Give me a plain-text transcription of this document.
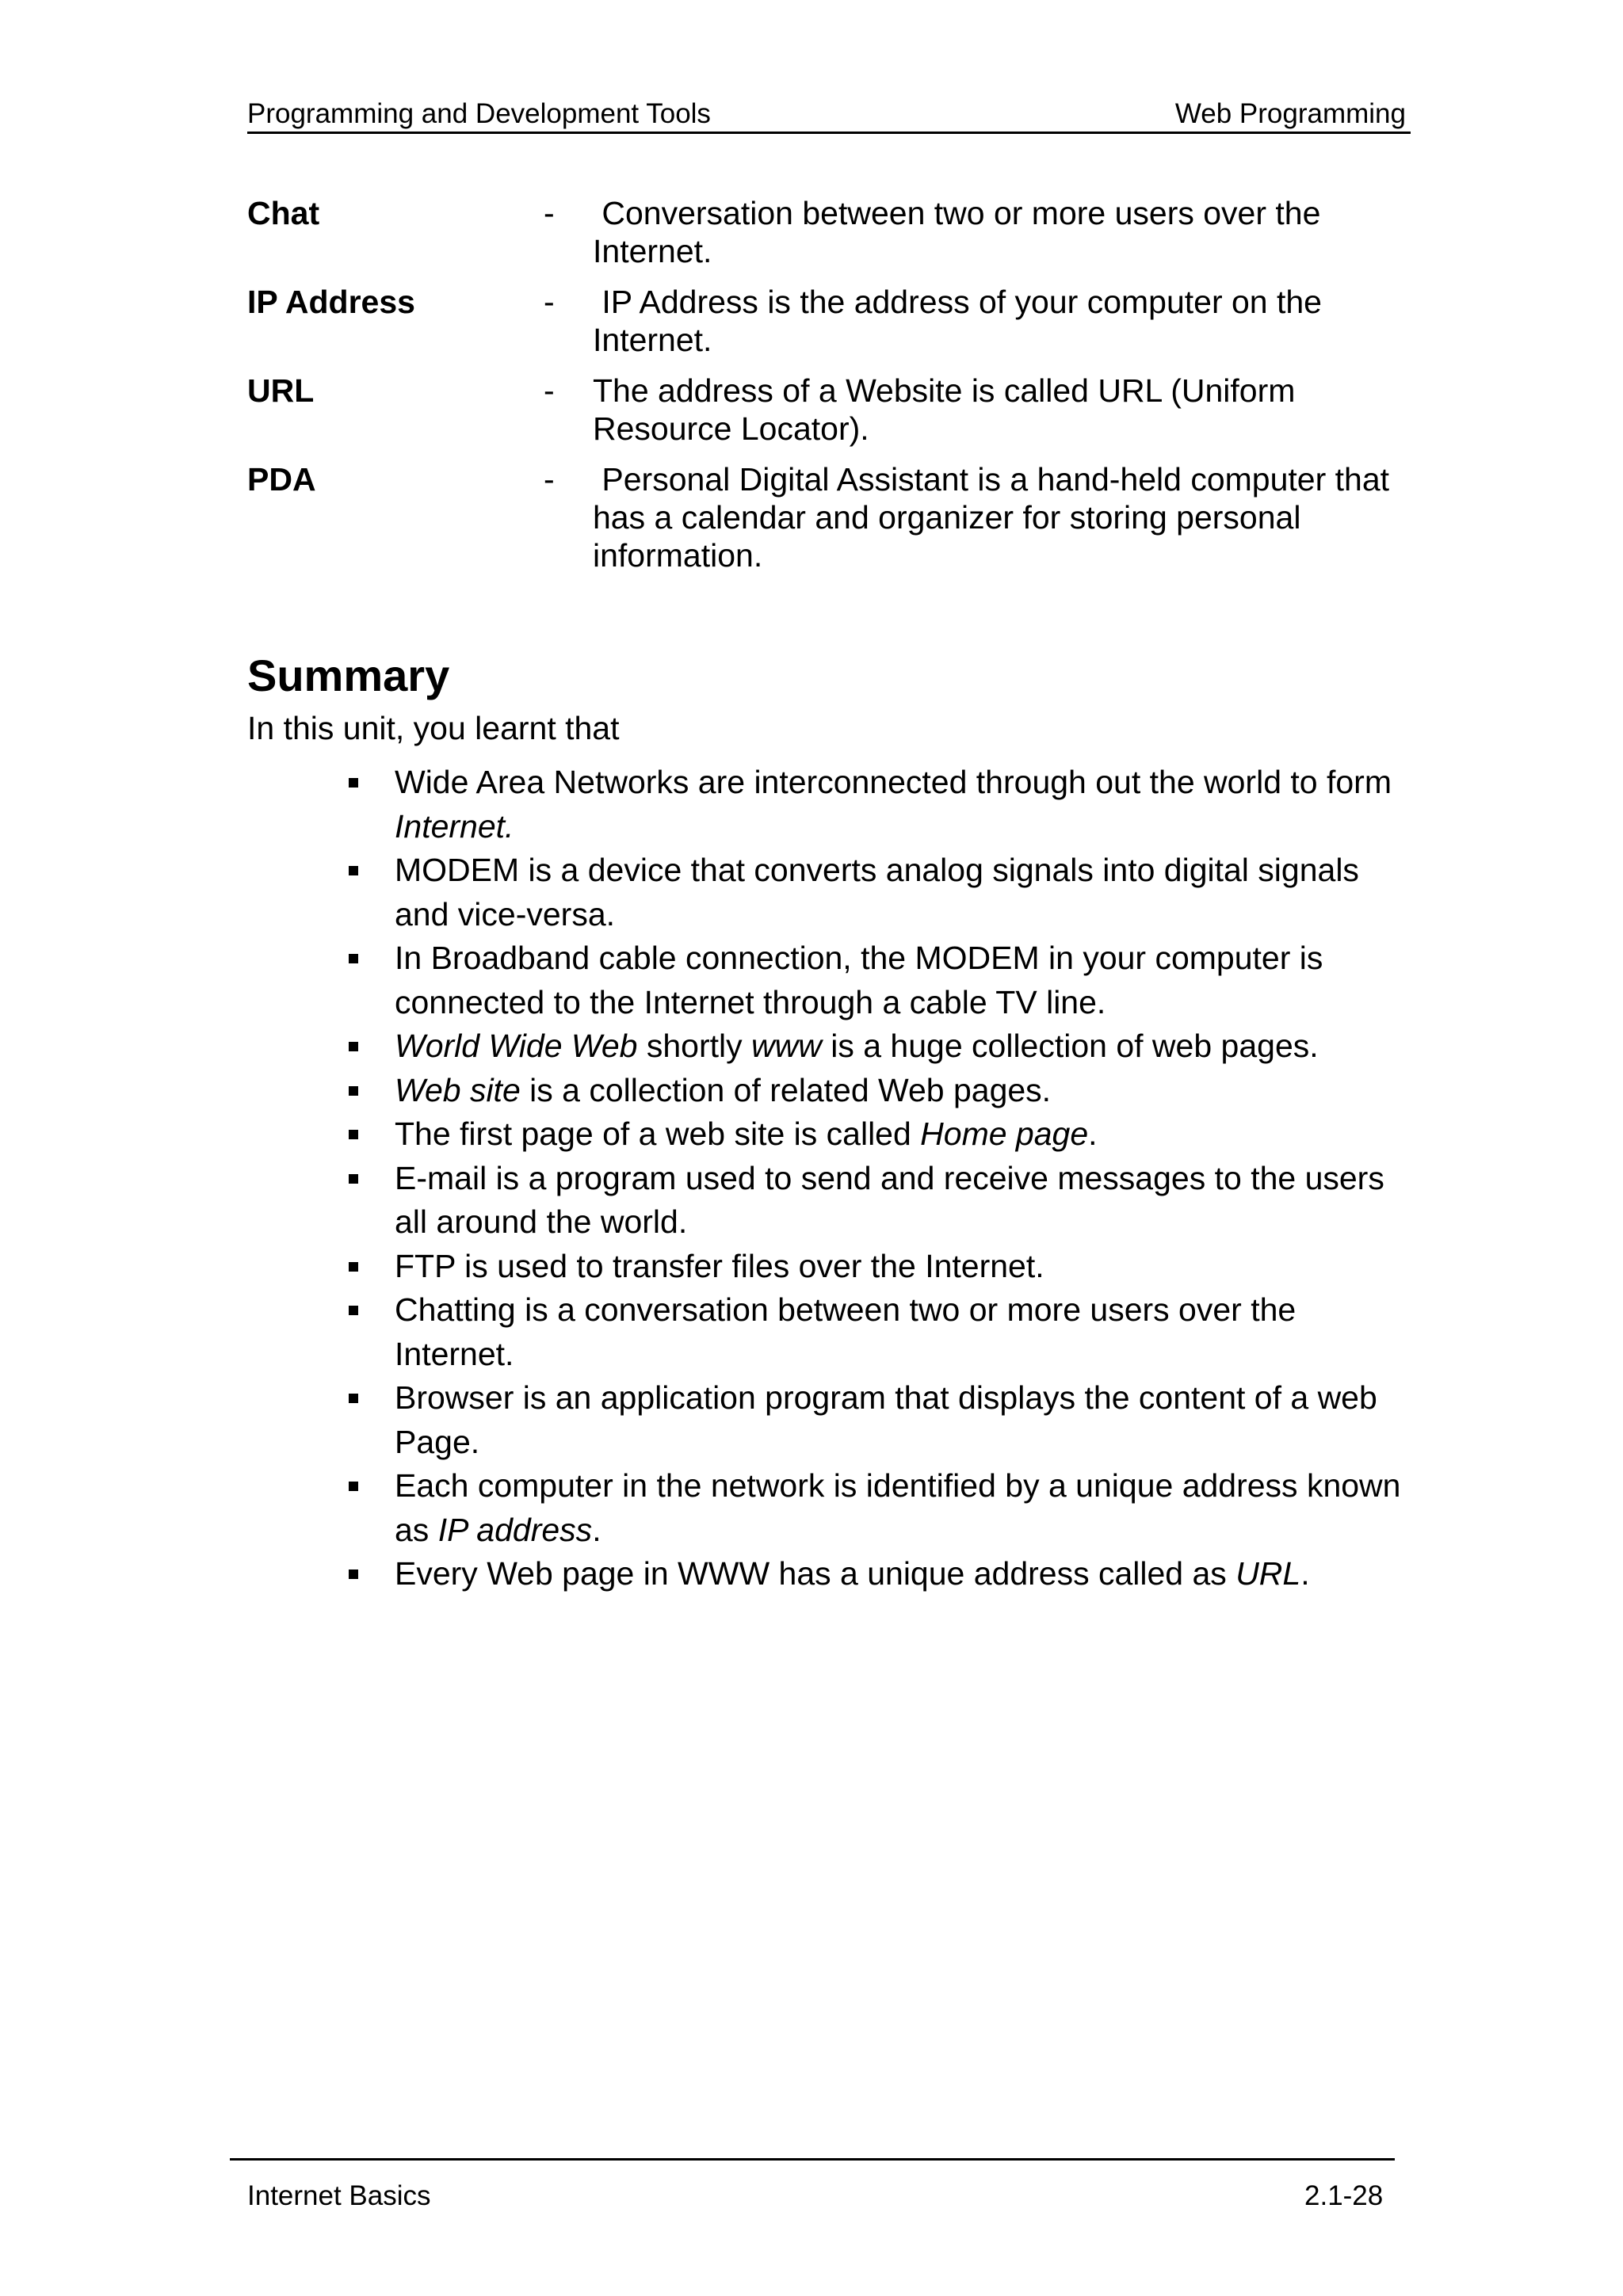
Programming and Development Tools	Web Programming
Chat	- Conversation between two or more users over the
Internet.
IP Address	- IP Address is the address of your computer on the
Internet.
URL	- The address of a Website is called URL (Uniform
Resource Locator).
PDA	- Personal Digital Assistant is a hand-held computer that
has a calendar and organizer for storing personal
information.
Summary
In this unit, you learnt that
Wide Area Networks are interconnected through out the world to form Internet.
MODEM is a device that converts analog signals into digital signals and vice-versa.
In Broadband cable connection, the MODEM in your computer is connected to the Internet through a cable TV line.
World Wide Web shortly www is a huge collection of web pages.
Web site is a collection of related Web pages.
The first page of a web site is called Home page.
E-mail is a program used to send and receive messages to the users all around the world.
FTP is used to transfer files over the Internet.
Chatting is a conversation between two or more users over the Internet.
Browser is an application program that displays the content of a web Page.
Each computer in the network is identified by a unique address known as IP address.
Every Web page in WWW has a unique address called as URL.
Internet Basics	2.1-28
